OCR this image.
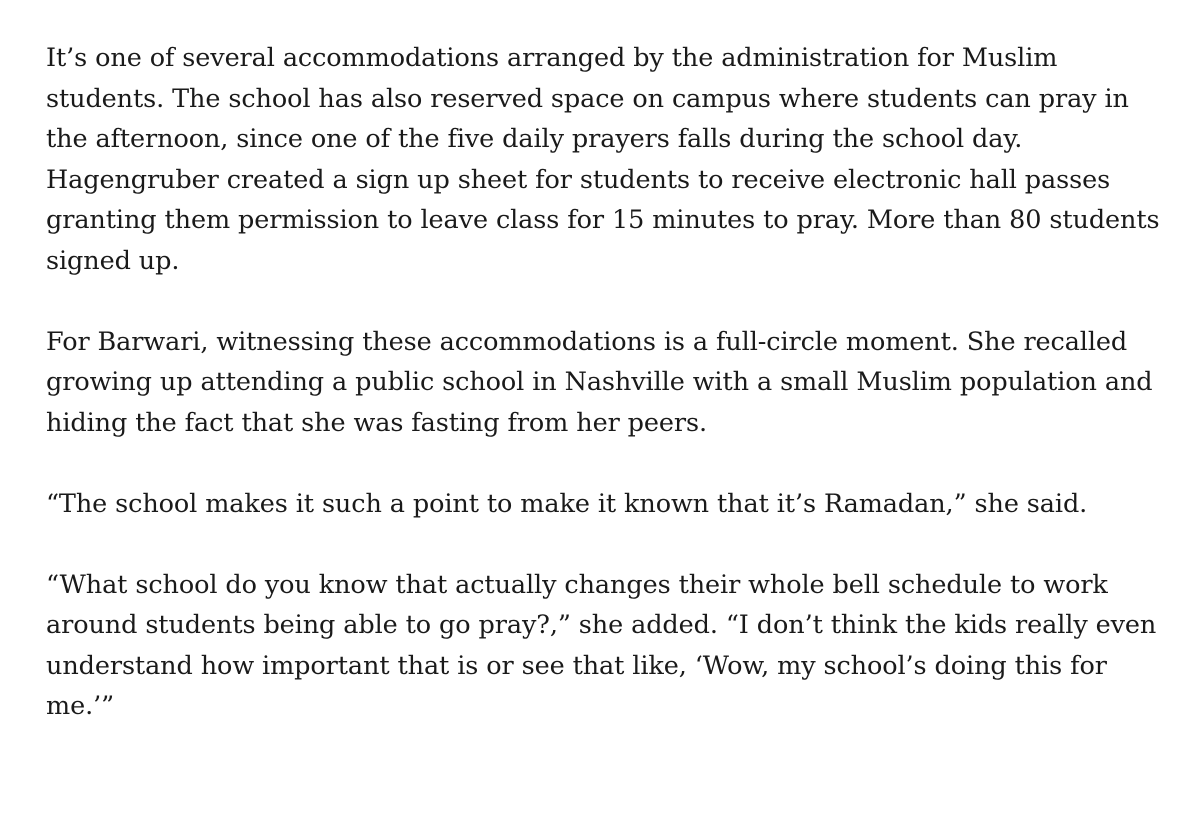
It’s one of several accommodations arranged by the administration for Muslim students. The school has also reserved space on campus where students can pray in the afternoon, since one of the five daily prayers falls during the school day. Hagengruber created a sign up sheet for students to receive electronic hall passes granting them permission to leave class for 15 minutes to pray. More than 80 students signed up.

For Barwari, witnessing these accommodations is a full-circle moment. She recalled growing up attending a public school in Nashville with a small Muslim population and hiding the fact that she was fasting from her peers.

“The school makes it such a point to make it known that it’s Ramadan,” she said.

“What school do you know that actually changes their whole bell schedule to work around students being able to go pray?,” she added. “I don’t think the kids really even understand how important that is or see that like, ‘Wow, my school’s doing this for me.’”
